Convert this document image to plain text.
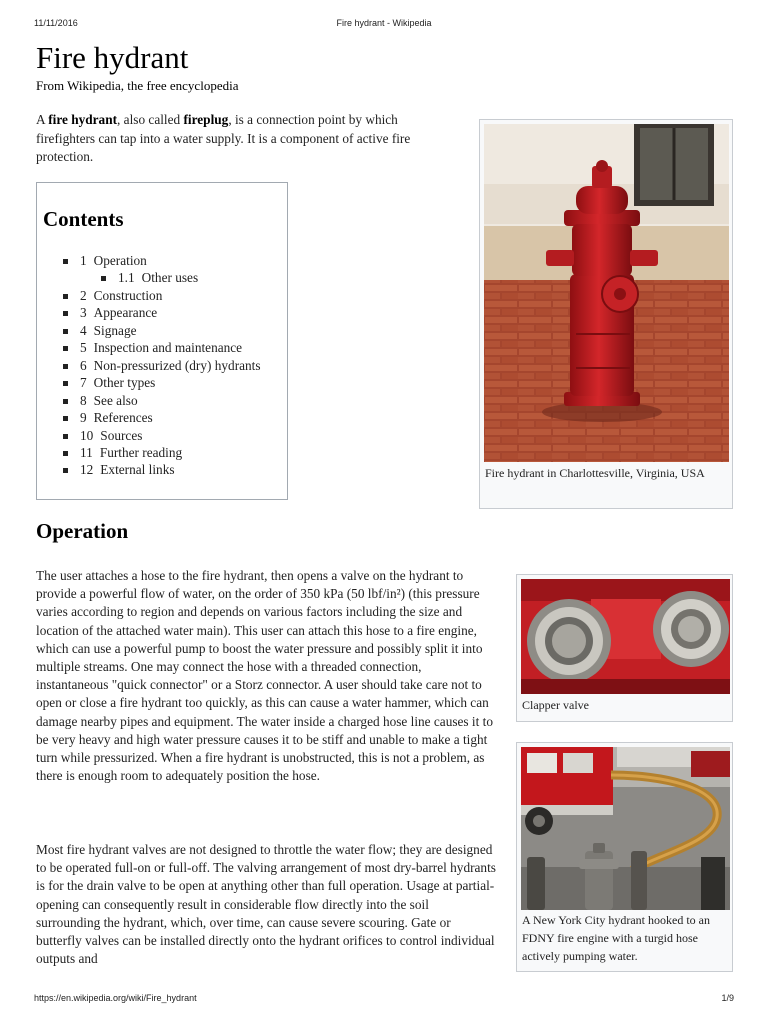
11/11/2016	Fire hydrant - Wikipedia
Fire hydrant
From Wikipedia, the free encyclopedia

A fire hydrant, also called fireplug, is a connection point by which firefighters can tap into a water supply. It is a component of active fire protection.

Contents
1 Operation
1.1 Other uses
2 Construction
3 Appearance
4 Signage
5 Inspection and maintenance
6 Non-pressurized (dry) hydrants
7 Other types
8 See also
9 References
10 Sources
11 Further reading
12 External links	Fire hydrant in Charlottesville, Virginia, USA
Clapper valve
A New York City hydrant hooked to an FDNY fire engine with a turgid hose actively pumping water.
Operation

The user attaches a hose to the fire hydrant, then opens a valve on the hydrant to provide a powerful flow of water, on the order of 350 kPa (50 lbf/in²) (this pressure varies according to region and depends on various factors including the size and location of the attached water main). This user can attach this hose to a fire engine, which can use a powerful pump to boost the water pressure and possibly split it into multiple streams. One may connect the hose with a threaded connection, instantaneous "quick connector" or a Storz connector. A user should take care not to open or close a fire hydrant too quickly, as this can cause a water hammer, which can damage nearby pipes and equipment. The water inside a charged hose line causes it to be very heavy and high water pressure causes it to be stiff and unable to make a tight turn while pressurized. When a fire hydrant is unobstructed, this is not a problem, as there is enough room to adequately position the hose.

Most fire hydrant valves are not designed to throttle the water flow; they are designed to be operated full-on or full-off. The valving arrangement of most dry-barrel hydrants is for the drain valve to be open at anything other than full operation. Usage at partial-opening can consequently result in considerable flow directly into the soil surrounding the hydrant, which, over time, can cause severe scouring. Gate or butterfly valves can be installed directly onto the hydrant orifices to control individual outputs and

https://en.wikipedia.org/wiki/Fire_hydrant	1/9
